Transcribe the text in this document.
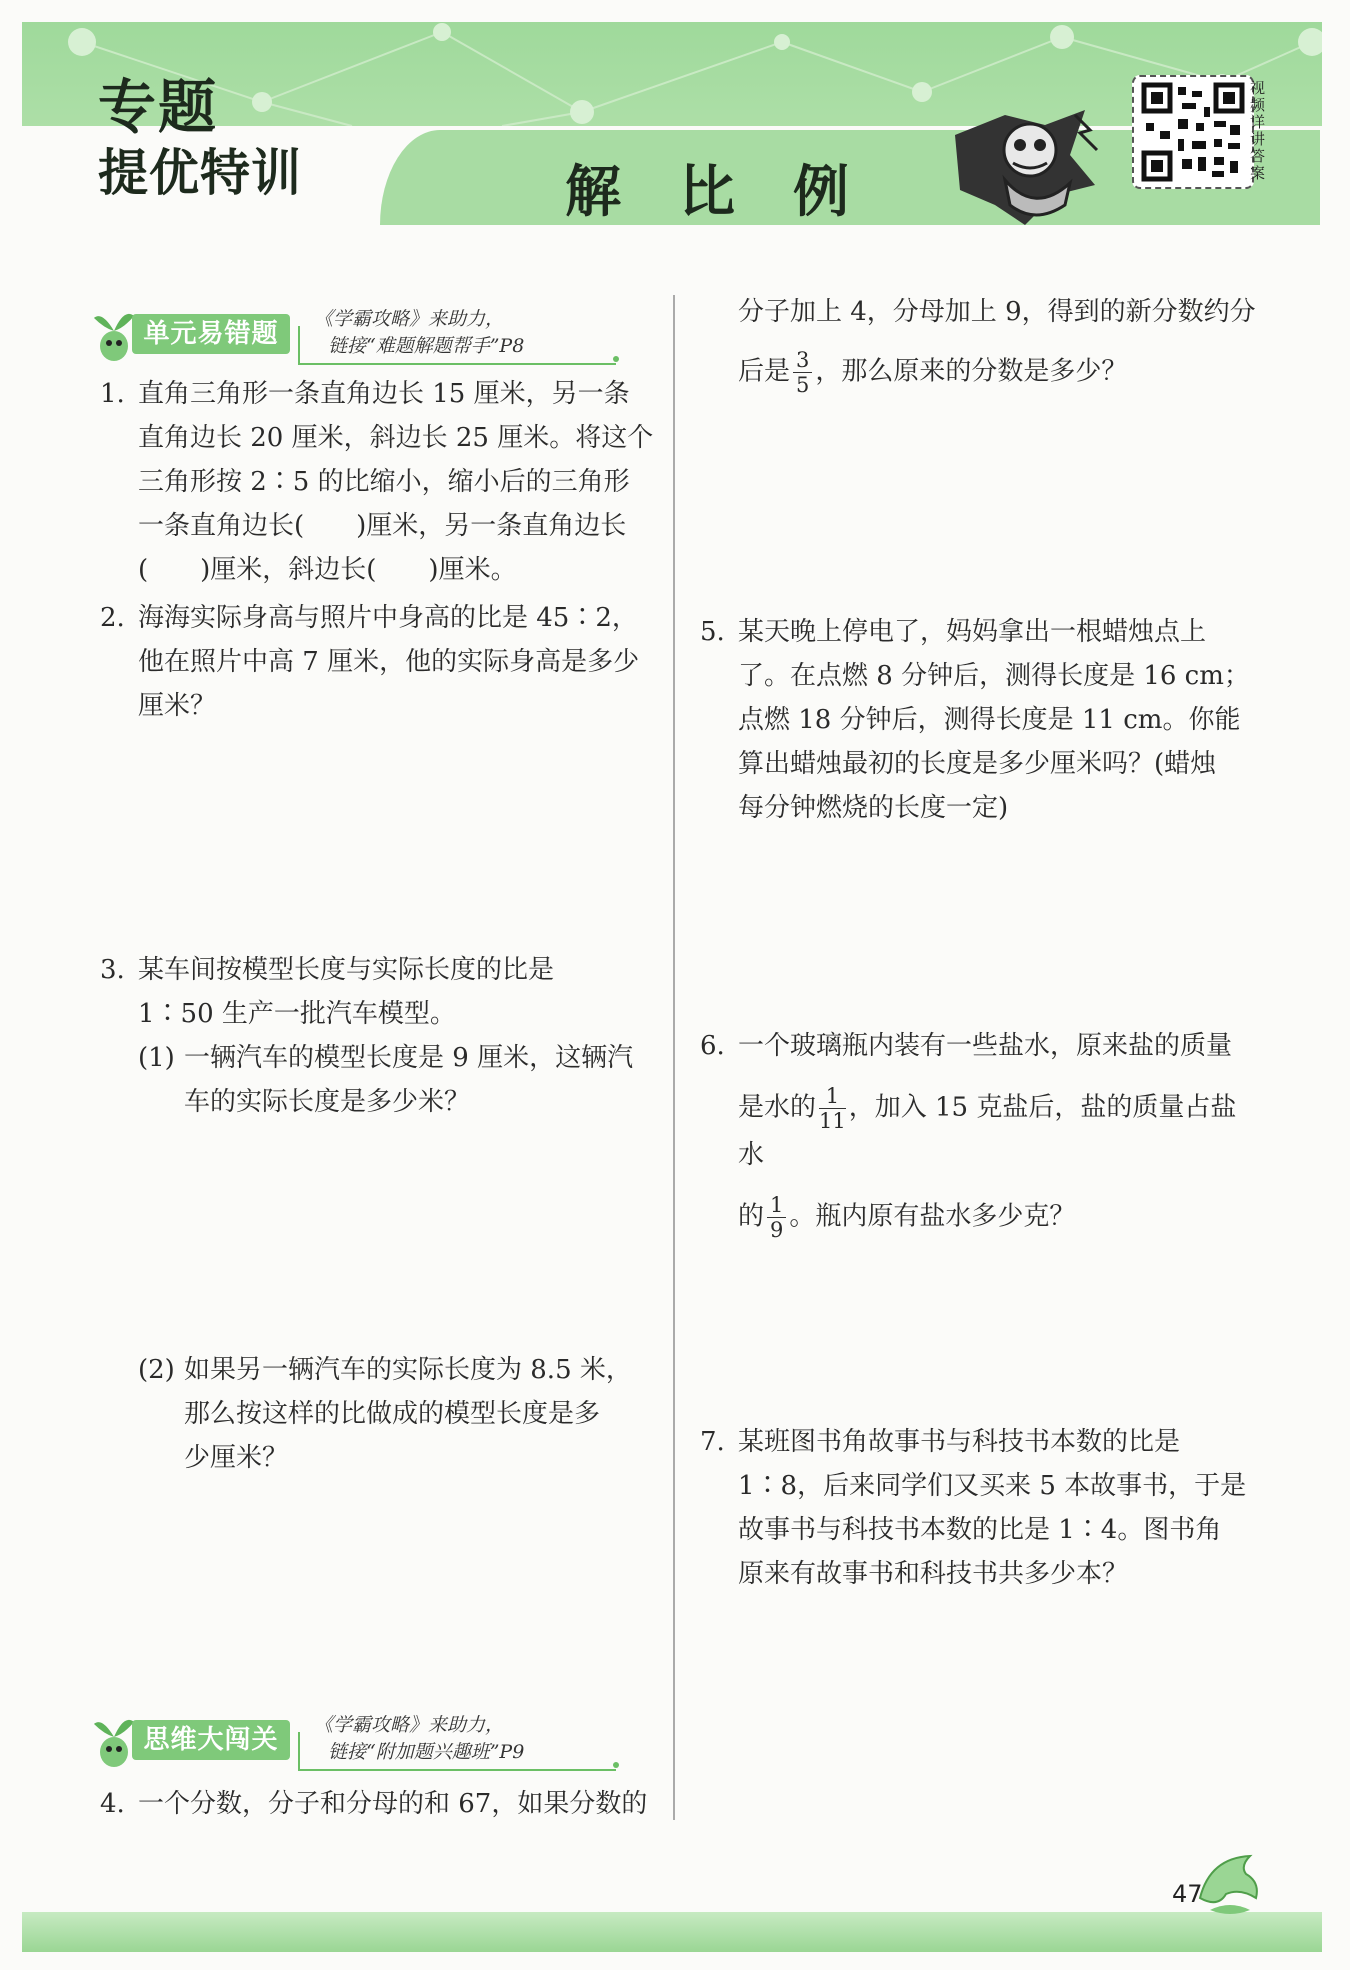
专题
提优特训	解比例
视频详讲答案
单元易错题	《学霸攻略》来助力，
链接“难题解题帮手”P8
1. 直角三角形一条直角边长 15 厘米，另一条
直角边长 20 厘米，斜边长 25 厘米。将这个
三角形按 2∶5 的比缩小，缩小后的三角形
一条直角边长(　　)厘米，另一条直角边长
(　　)厘米，斜边长(　　)厘米。
2. 海海实际身高与照片中身高的比是 45∶2，
他在照片中高 7 厘米，他的实际身高是多少
厘米？
3. 某车间按模型长度与实际长度的比是
1∶50 生产一批汽车模型。
(1) 一辆汽车的模型长度是 9 厘米，这辆汽
车的实际长度是多少米？
(2) 如果另一辆汽车的实际长度为 8.5 米，
那么按这样的比做成的模型长度是多
少厘米？
思维大闯关	《学霸攻略》来助力，
链接“附加题兴趣班”P9
4. 一个分数，分子和分母的和 67，如果分数的
分子加上 4，分母加上 9，得到的新分数约分
后是 $\frac{3}{5}$ ，那么原来的分数是多少？
5. 某天晚上停电了，妈妈拿出一根蜡烛点上
了。在点燃 8 分钟后，测得长度是 16 cm；
点燃 18 分钟后，测得长度是 11 cm。你能
算出蜡烛最初的长度是多少厘米吗？(蜡烛
每分钟燃烧的长度一定)
6. 一个玻璃瓶内装有一些盐水，原来盐的质量
是水的 $\frac{1}{11}$ ，加入 15 克盐后，盐的质量占盐水
的 $\frac{1}{9}$ 。瓶内原有盐水多少克？
7. 某班图书角故事书与科技书本数的比是
1∶8，后来同学们又买来 5 本故事书，于是
故事书与科技书本数的比是 1∶4。图书角
原来有故事书和科技书共多少本？
47
